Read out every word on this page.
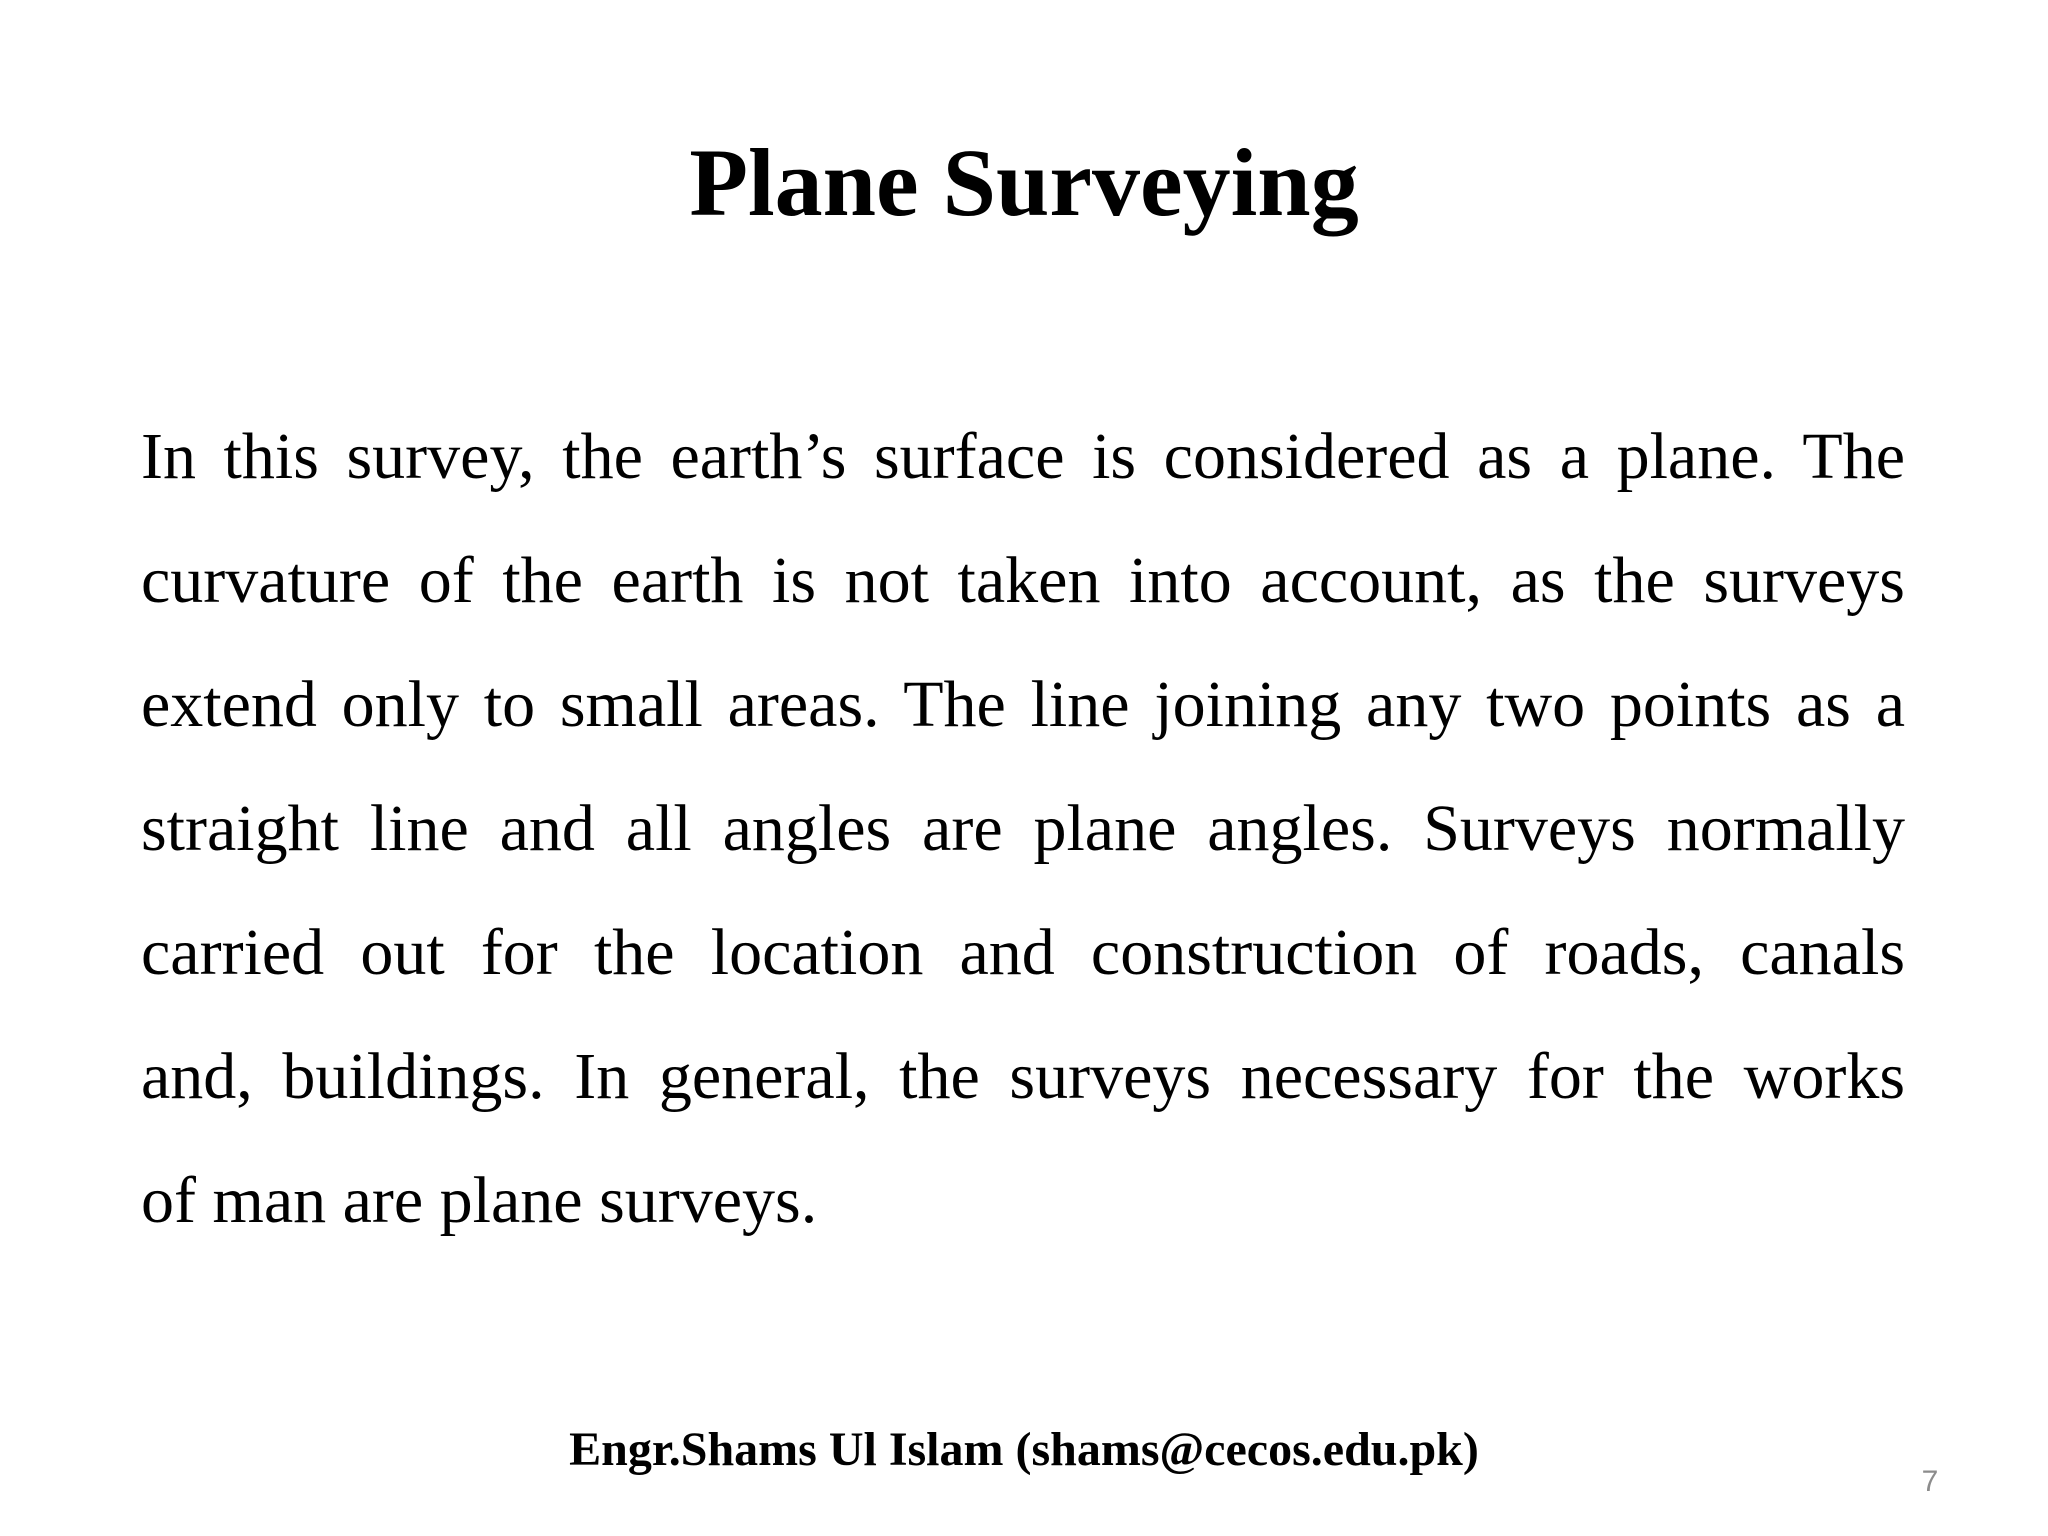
Plane Surveying
In this survey, the earth’s surface is considered as a plane. The
curvature of the earth is not taken into account, as the surveys
extend only to small areas. The line joining any two points as a
straight line and all angles are plane angles. Surveys normally
carried out for the location and construction of roads, canals
and, buildings. In general, the surveys necessary for the works
of man are plane surveys.

Engr.Shams Ul Islam (shams@cecos.edu.pk)

7
